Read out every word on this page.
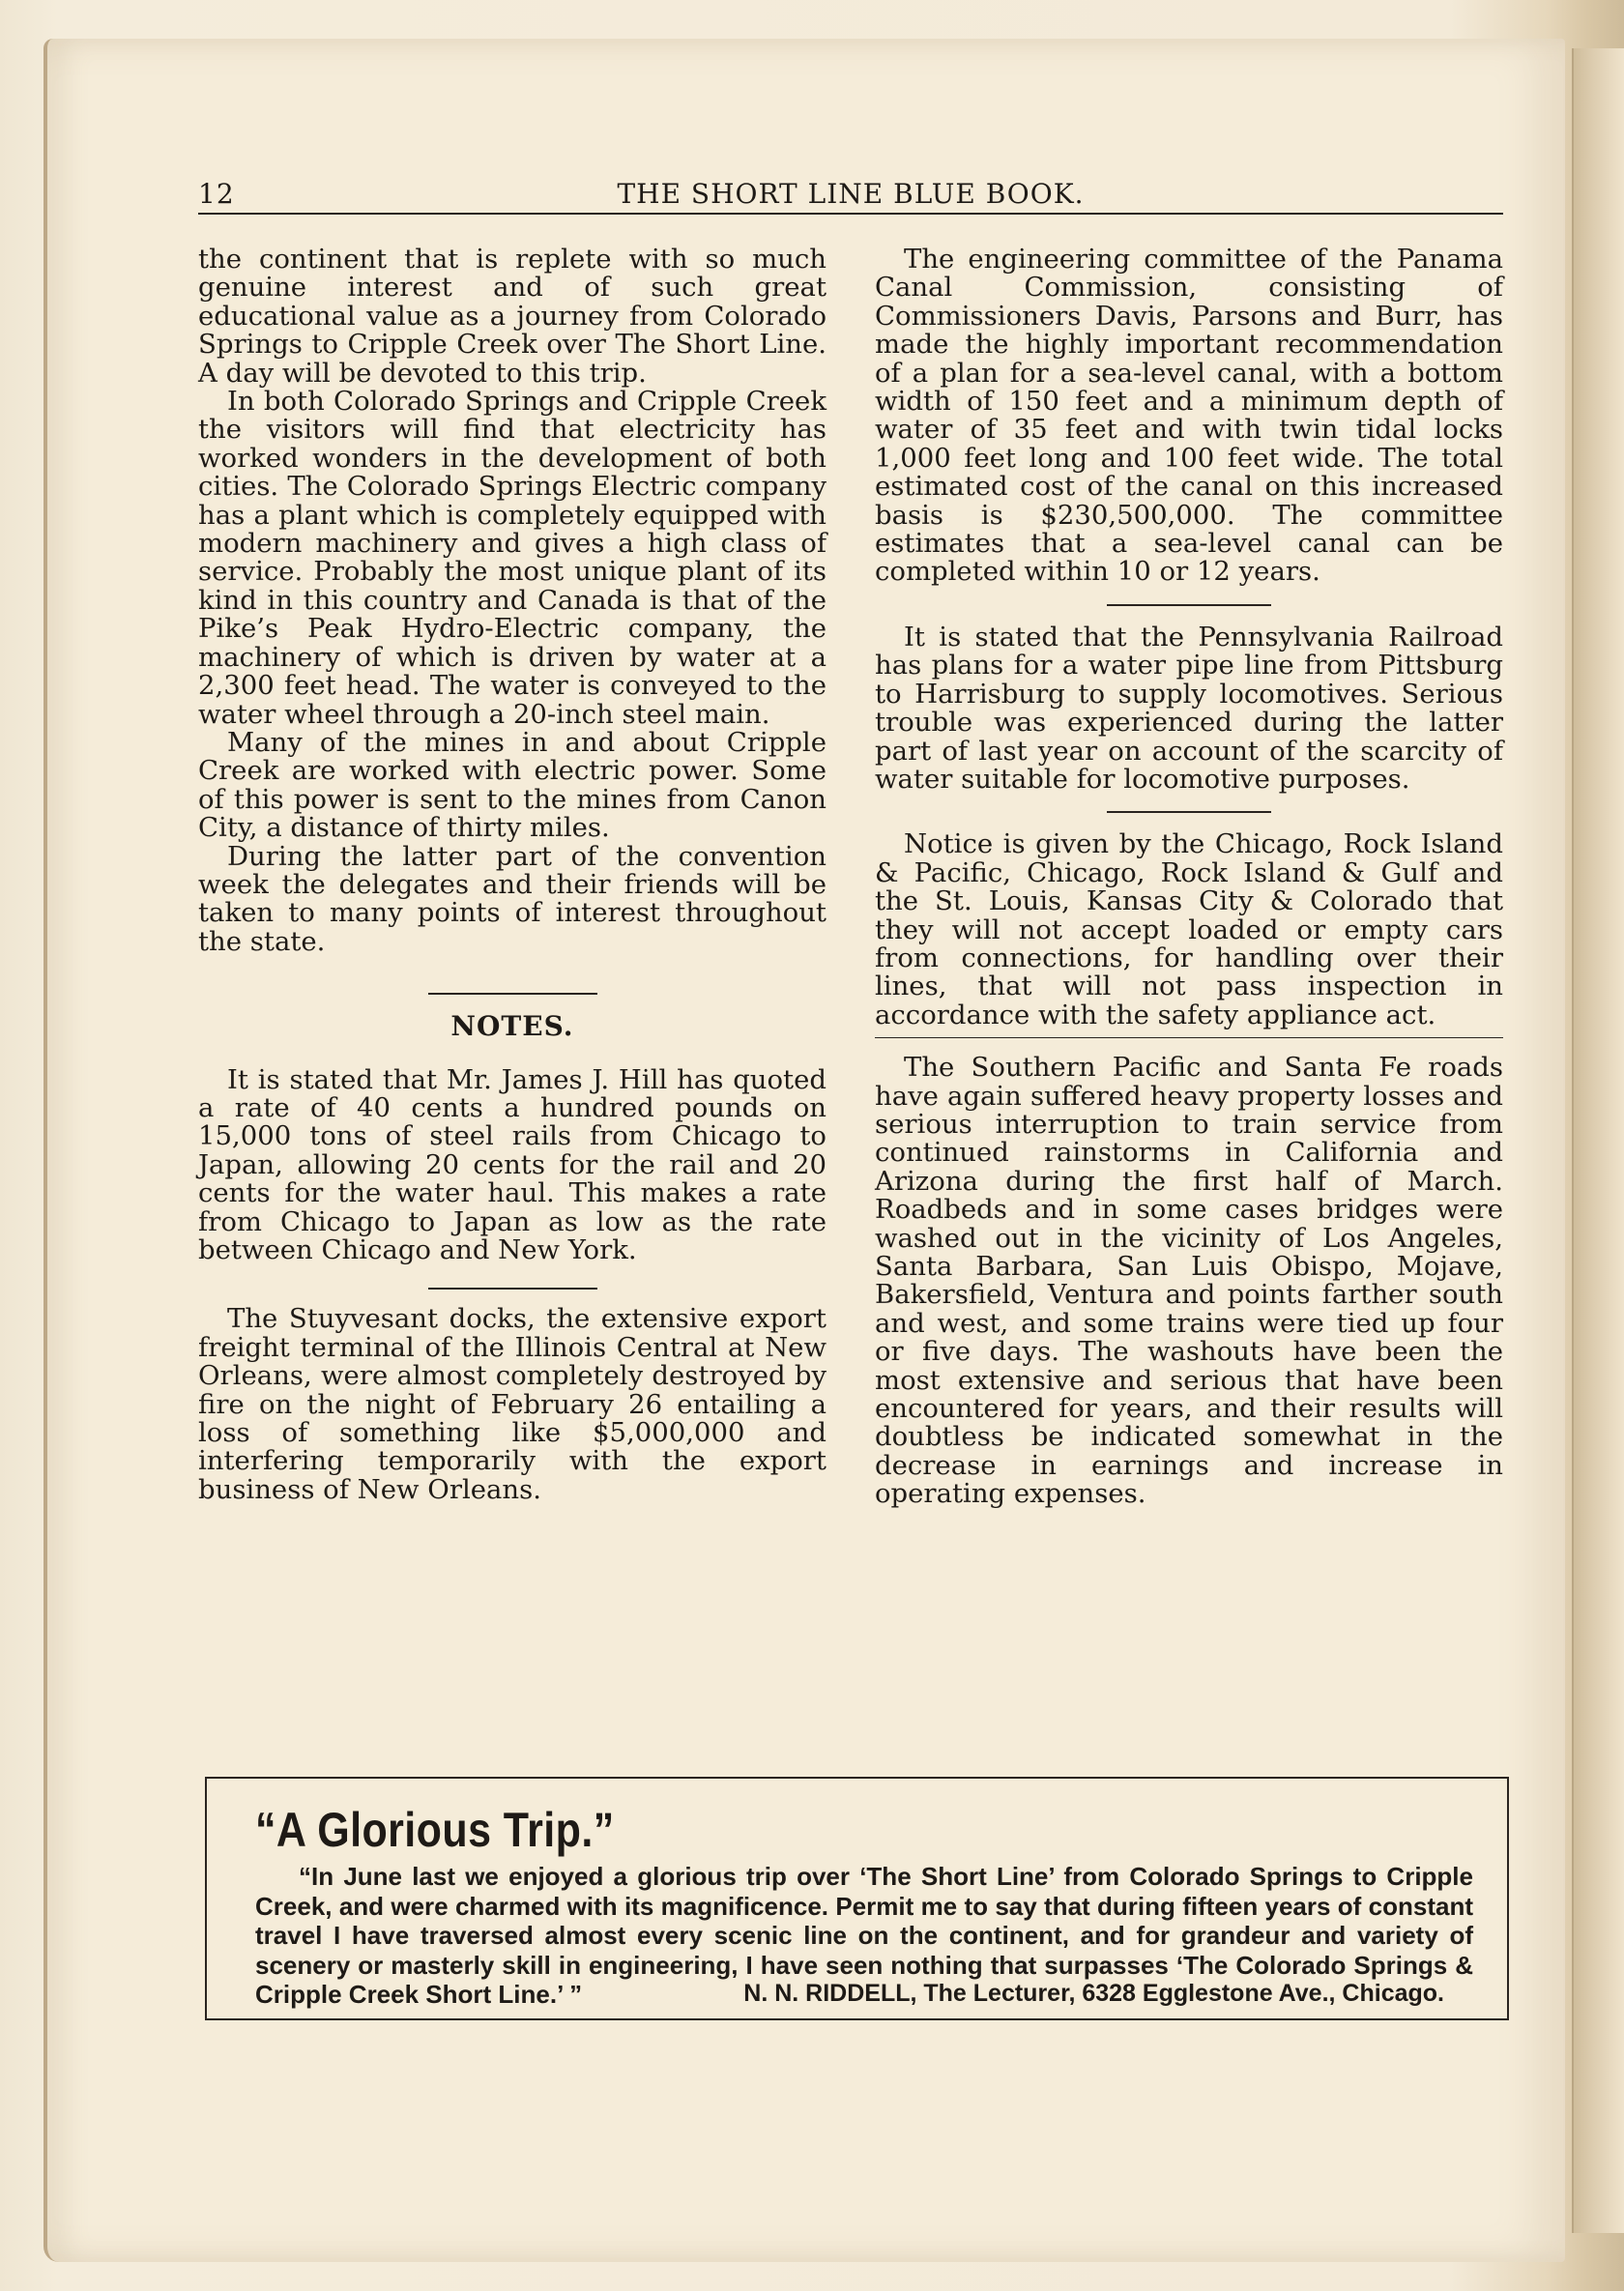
12	THE SHORT LINE BLUE BOOK.

the continent that is replete with so much genuine interest and of such great educational value as a journey from Colorado Springs to Cripple Creek over The Short Line. A day will be devoted to this trip.

In both Colorado Springs and Cripple Creek the visitors will find that electricity has worked wonders in the development of both cities. The Colorado Springs Electric company has a plant which is completely equipped with modern machinery and gives a high class of service. Probably the most unique plant of its kind in this country and Canada is that of the Pike’s Peak Hydro-Electric company, the machinery of which is driven by water at a 2,300 feet head. The water is conveyed to the water wheel through a 20-inch steel main.

Many of the mines in and about Cripple Creek are worked with electric power. Some of this power is sent to the mines from Canon City, a distance of thirty miles.

During the latter part of the convention week the delegates and their friends will be taken to many points of interest throughout the state.

NOTES.

It is stated that Mr. James J. Hill has quoted a rate of 40 cents a hundred pounds on 15,000 tons of steel rails from Chicago to Japan, allowing 20 cents for the rail and 20 cents for the water haul. This makes a rate from Chicago to Japan as low as the rate between Chicago and New York.

The Stuyvesant docks, the extensive export freight terminal of the Illinois Central at New Orleans, were almost completely destroyed by fire on the night of February 26 entailing a loss of something like $5,000,000 and interfering temporarily with the export business of New Orleans.

The engineering committee of the Panama Canal Commission, consisting of Commissioners Davis, Parsons and Burr, has made the highly important recommendation of a plan for a sea-level canal, with a bottom width of 150 feet and a minimum depth of water of 35 feet and with twin tidal locks 1,000 feet long and 100 feet wide. The total estimated cost of the canal on this increased basis is $230,500,000. The committee estimates that a sea-level canal can be completed within 10 or 12 years.

It is stated that the Pennsylvania Railroad has plans for a water pipe line from Pittsburg to Harrisburg to supply locomotives. Serious trouble was experienced during the latter part of last year on account of the scarcity of water suitable for locomotive purposes.

Notice is given by the Chicago, Rock Island & Pacific, Chicago, Rock Island & Gulf and the St. Louis, Kansas City & Colorado that they will not accept loaded or empty cars from connections, for handling over their lines, that will not pass inspection in accordance with the safety appliance act.

The Southern Pacific and Santa Fe roads have again suffered heavy property losses and serious interruption to train service from continued rainstorms in California and Arizona during the first half of March. Roadbeds and in some cases bridges were washed out in the vicinity of Los Angeles, Santa Barbara, San Luis Obispo, Mojave, Bakersfield, Ventura and points farther south and west, and some trains were tied up four or five days. The washouts have been the most extensive and serious that have been encountered for years, and their results will doubtless be indicated somewhat in the decrease in earnings and increase in operating expenses.

“A Glorious Trip.”

“In June last we enjoyed a glorious trip over ‘The Short Line’ from Colorado Springs to Cripple Creek, and were charmed with its magnificence. Permit me to say that during fifteen years of constant travel I have traversed almost every scenic line on the continent, and for grandeur and variety of scenery or masterly skill in engineering, I have seen nothing that surpasses ‘The Colorado Springs & Cripple Creek Short Line.’ ”	N. N. RIDDELL, The Lecturer, 6328 Egglestone Ave., Chicago.
